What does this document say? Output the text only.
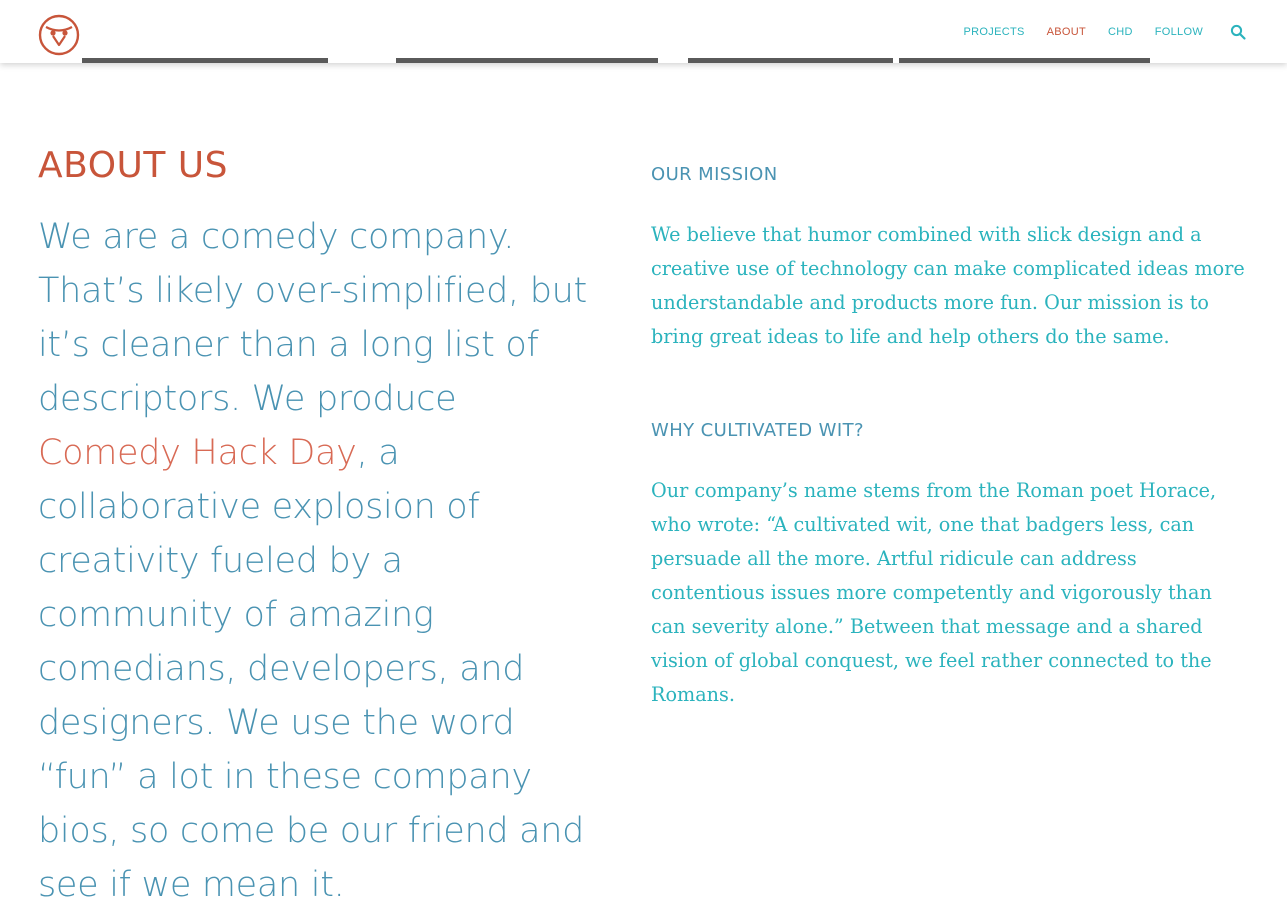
PROJECTS ABOUT CHD FOLLOW
ABOUT US

We are a comedy company. That’s likely over-simplified, but it’s cleaner than a long list of descriptors. We produce Comedy Hack Day, a collaborative explosion of creativity fueled by a community of amazing comedians, developers, and designers. We use the word “fun” a lot in these company bios, so come be our friend and see if we mean it.

OUR MISSION

We believe that humor combined with slick design and a creative use of technology can make complicated ideas more understandable and products more fun. Our mission is to bring great ideas to life and help others do the same.

WHY CULTIVATED WIT?

Our company’s name stems from the Roman poet Horace, who wrote: “A cultivated wit, one that badgers less, can persuade all the more. Artful ridicule can address contentious issues more competently and vigorously than can severity alone.” Between that message and a shared vision of global conquest, we feel rather connected to the Romans.
